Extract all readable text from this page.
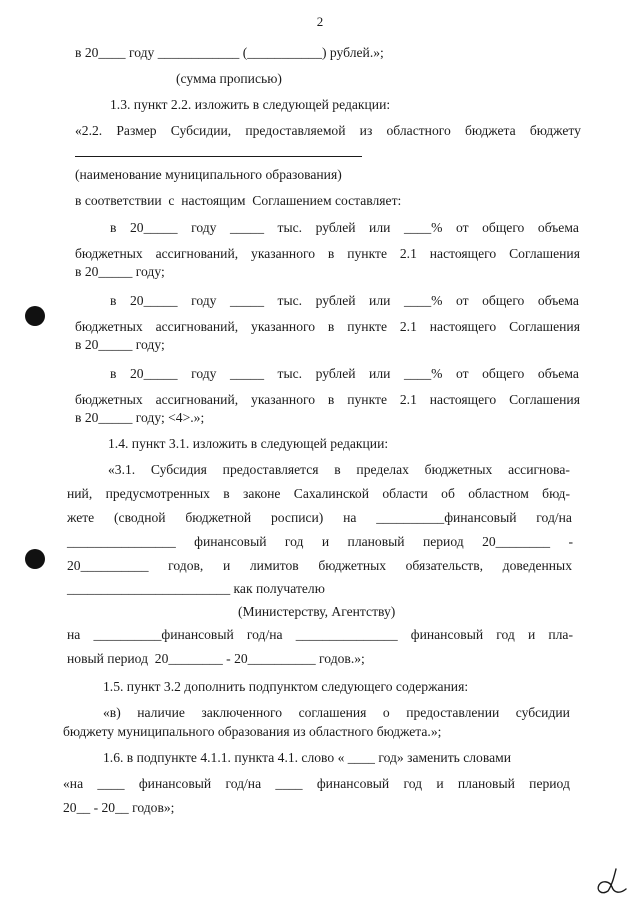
2
в 20____ году ____________ (___________) рублей.»;
(сумма прописью)
1.3. пункт 2.2. изложить в следующей редакции:
«2.2. Размер Субсидии, предоставляемой из областного бюджета бюджету
(наименование муниципального образования)
в соответствии  с  настоящим  Соглашением составляет:
в 20_____ году _____ тыс. рублей или ____% от общего объема
бюджетных ассигнований, указанного в пункте 2.1 настоящего Соглашения
в 20_____ году;
в 20_____ году _____ тыс. рублей или ____% от общего объема
бюджетных ассигнований, указанного в пункте 2.1 настоящего Соглашения
в 20_____ году;
в 20_____ году _____ тыс. рублей или ____% от общего объема
бюджетных ассигнований, указанного в пункте 2.1 настоящего Соглашения
в 20_____ году; <4>.»;
1.4. пункт 3.1. изложить в следующей редакции:
«3.1. Субсидия предоставляется в пределах бюджетных ассигнова-
ний, предусмотренных в законе Сахалинской области об областном бюд-
жете (сводной бюджетной росписи) на __________финансовый год/на
________________ финансовый год и плановый период 20________ -
20__________ годов, и лимитов бюджетных обязательств, доведенных
________________________ как получателю
(Министерству, Агентству)
на __________финансовый год/на _______________ финансовый год и пла-
новый период  20________ - 20__________ годов.»;
1.5. пункт 3.2 дополнить подпунктом следующего содержания:
«в) наличие заключенного соглашения о предоставлении субсидии
бюджету муниципального образования из областного бюджета.»;
1.6. в подпункте 4.1.1. пункта 4.1. слово « ____ год» заменить словами
«на ____ финансовый год/на ____ финансовый год и плановый период
20__ - 20__ годов»;
